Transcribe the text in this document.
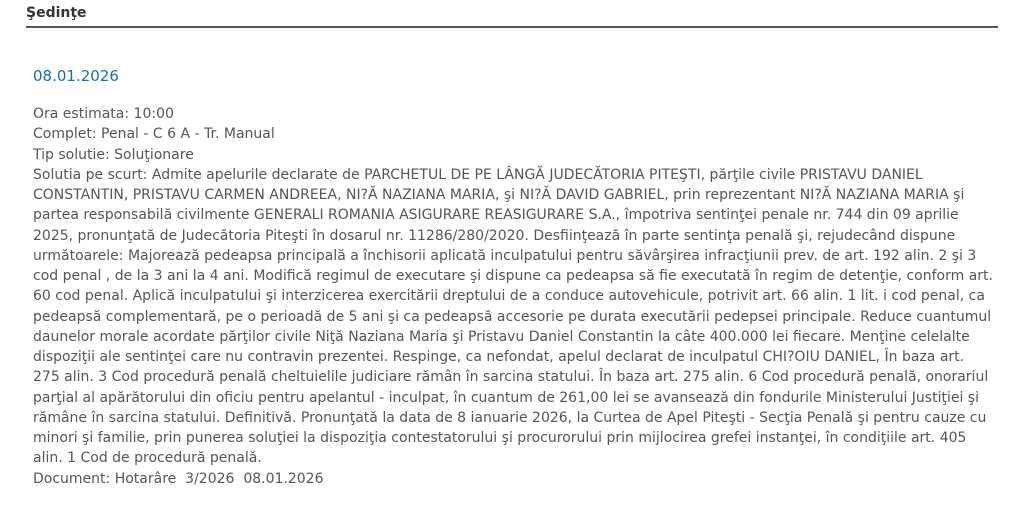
Şedinţe
08.01.2026
Ora estimata: 10:00
Complet: Penal - C 6 A - Tr. Manual
Tip solutie: Soluţionare
Solutia pe scurt: Admite apelurile declarate de PARCHETUL DE PE LÂNGĂ JUDECĂTORIA PITEŞTI, părţile civile PRISTAVU DANIEL CONSTANTIN, PRISTAVU CARMEN ANDREEA, NI?Ă NAZIANA MARIA, şi NI?Ă DAVID GABRIEL, prin reprezentant NI?Ă NAZIANA MARIA şi partea responsabilă civilmente GENERALI ROMANIA ASIGURARE REASIGURARE S.A., împotriva sentinţei penale nr. 744 din 09 aprilie 2025, pronunţată de Judecătoria Piteşti în dosarul nr. 11286/280/2020. Desfiinţează în parte sentinţa penală şi, rejudecând dispune următoarele: Majorează pedeapsa principală a închisorii aplicată inculpatului pentru săvârşirea infracţiunii prev. de art. 192 alin. 2 şi 3 cod penal , de la 3 ani la 4 ani. Modifică regimul de executare şi dispune ca pedeapsa să fie executată în regim de detenţie, conform art. 60 cod penal. Aplică inculpatului şi interzicerea exercitării dreptului de a conduce autovehicule, potrivit art. 66 alin. 1 lit. i cod penal, ca pedeapsă complementară, pe o perioadă de 5 ani şi ca pedeapsă accesorie pe durata executării pedepsei principale. Reduce cuantumul daunelor morale acordate părţilor civile Niţă Naziana Maria şi Pristavu Daniel Constantin la câte 400.000 lei fiecare. Menţine celelalte dispoziţii ale sentinţei care nu contravin prezentei. Respinge, ca nefondat, apelul declarat de inculpatul CHI?OIU DANIEL, În baza art. 275 alin. 3 Cod procedură penală cheltuielile judiciare rămân în sarcina statului. În baza art. 275 alin. 6 Cod procedură penală, onorariul parţial al apărătorului din oficiu pentru apelantul - inculpat, în cuantum de 261,00 lei se avansează din fondurile Ministerului Justiţiei şi rămâne în sarcina statului. Definitivă. Pronunţată la data de 8 ianuarie 2026, la Curtea de Apel Piteşti - Secţia Penală şi pentru cauze cu minori şi familie, prin punerea soluţiei la dispoziţia contestatorului şi procurorului prin mijlocirea grefei instanţei, în condiţiile art. 405 alin. 1 Cod de procedură penală.
Document: Hotarâre  3/2026  08.01.2026
